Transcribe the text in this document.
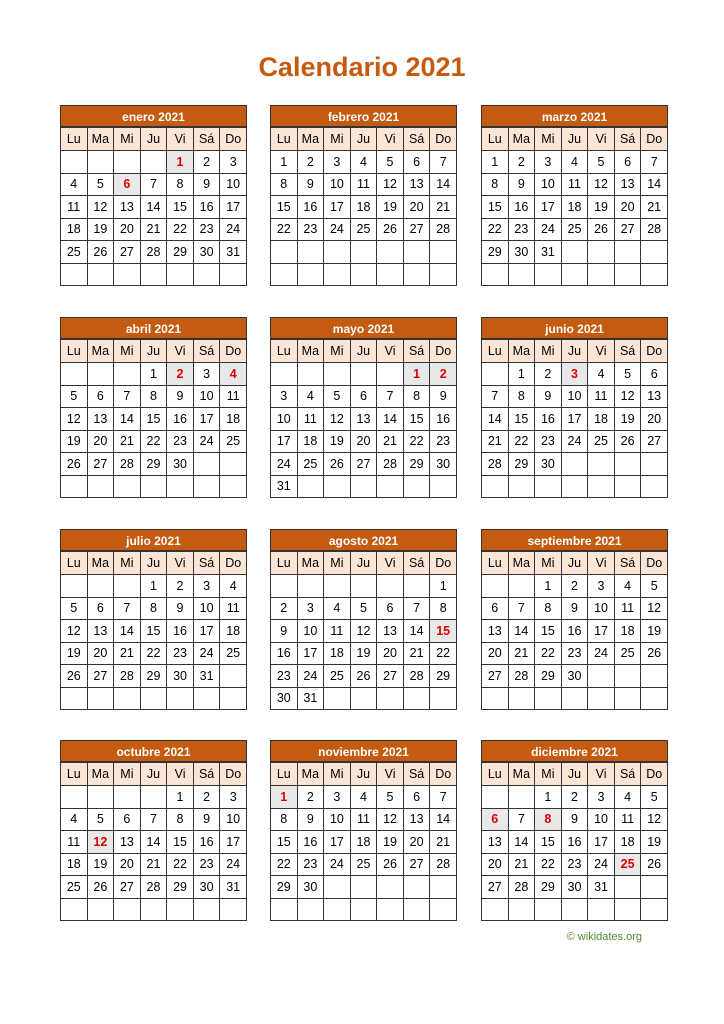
Calendario 2021
enero 2021
Lu	Ma	Mi	Ju	Vi	Sá	Do
				1	2	3
4	5	6	7	8	9	10
11	12	13	14	15	16	17
18	19	20	21	22	23	24
25	26	27	28	29	30	31

febrero 2021
Lu	Ma	Mi	Ju	Vi	Sá	Do
1	2	3	4	5	6	7
8	9	10	11	12	13	14
15	16	17	18	19	20	21
22	23	24	25	26	27	28

marzo 2021
Lu	Ma	Mi	Ju	Vi	Sá	Do
1	2	3	4	5	6	7
8	9	10	11	12	13	14
15	16	17	18	19	20	21
22	23	24	25	26	27	28
29	30	31				

abril 2021
Lu	Ma	Mi	Ju	Vi	Sá	Do
			1	2	3	4
5	6	7	8	9	10	11
12	13	14	15	16	17	18
19	20	21	22	23	24	25
26	27	28	29	30		

mayo 2021
Lu	Ma	Mi	Ju	Vi	Sá	Do
					1	2
3	4	5	6	7	8	9
10	11	12	13	14	15	16
17	18	19	20	21	22	23
24	25	26	27	28	29	30
31						
junio 2021
Lu	Ma	Mi	Ju	Vi	Sá	Do
	1	2	3	4	5	6
7	8	9	10	11	12	13
14	15	16	17	18	19	20
21	22	23	24	25	26	27
28	29	30				

julio 2021
Lu	Ma	Mi	Ju	Vi	Sá	Do
			1	2	3	4
5	6	7	8	9	10	11
12	13	14	15	16	17	18
19	20	21	22	23	24	25
26	27	28	29	30	31	

agosto 2021
Lu	Ma	Mi	Ju	Vi	Sá	Do
						1
2	3	4	5	6	7	8
9	10	11	12	13	14	15
16	17	18	19	20	21	22
23	24	25	26	27	28	29
30	31					
septiembre 2021
Lu	Ma	Mi	Ju	Vi	Sá	Do
		1	2	3	4	5
6	7	8	9	10	11	12
13	14	15	16	17	18	19
20	21	22	23	24	25	26
27	28	29	30			

octubre 2021
Lu	Ma	Mi	Ju	Vi	Sá	Do
				1	2	3
4	5	6	7	8	9	10
11	12	13	14	15	16	17
18	19	20	21	22	23	24
25	26	27	28	29	30	31

noviembre 2021
Lu	Ma	Mi	Ju	Vi	Sá	Do
1	2	3	4	5	6	7
8	9	10	11	12	13	14
15	16	17	18	19	20	21
22	23	24	25	26	27	28
29	30					

diciembre 2021
Lu	Ma	Mi	Ju	Vi	Sá	Do
		1	2	3	4	5
6	7	8	9	10	11	12
13	14	15	16	17	18	19
20	21	22	23	24	25	26
27	28	29	30	31		

© wikidates.org
